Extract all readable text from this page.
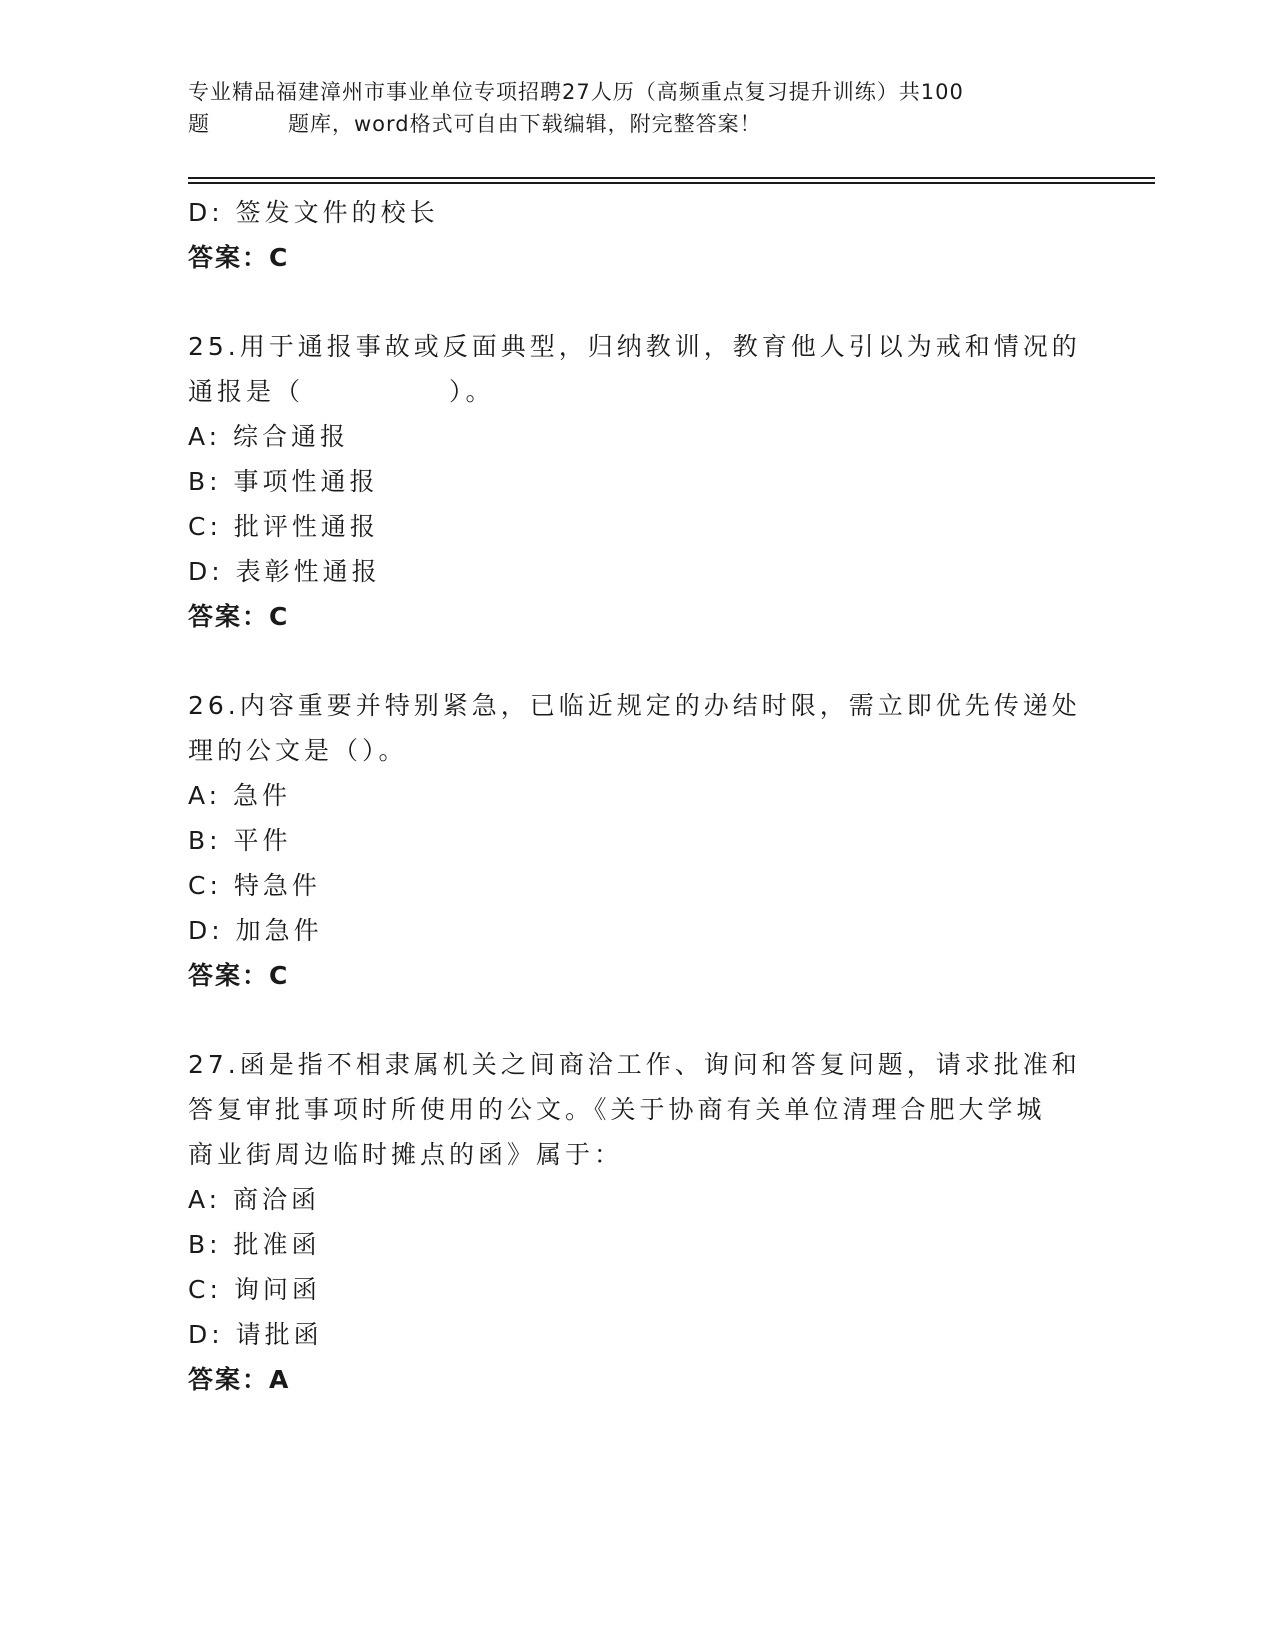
专业精品福建漳州市事业单位专项招聘27人历（高频重点复习提升训练）共100
题	题库，word格式可自由下载编辑，附完整答案！
D: 签发文件的校长
答案：C
25.用于通报事故或反面典型，归纳教训，教育他人引以为戒和情况的
通报是（　　　　　）。
A: 综合通报
B: 事项性通报
C: 批评性通报
D: 表彰性通报
答案：C
26.内容重要并特别紧急，已临近规定的办结时限，需立即优先传递处
理的公文是（）。
A: 急件
B: 平件
C: 特急件
D: 加急件
答案：C
27.函是指不相隶属机关之间商洽工作、询问和答复问题，请求批准和
答复审批事项时所使用的公文。《关于协商有关单位清理合肥大学城
商业街周边临时摊点的函》属于：
A: 商洽函
B: 批准函
C: 询问函
D: 请批函
答案：A
